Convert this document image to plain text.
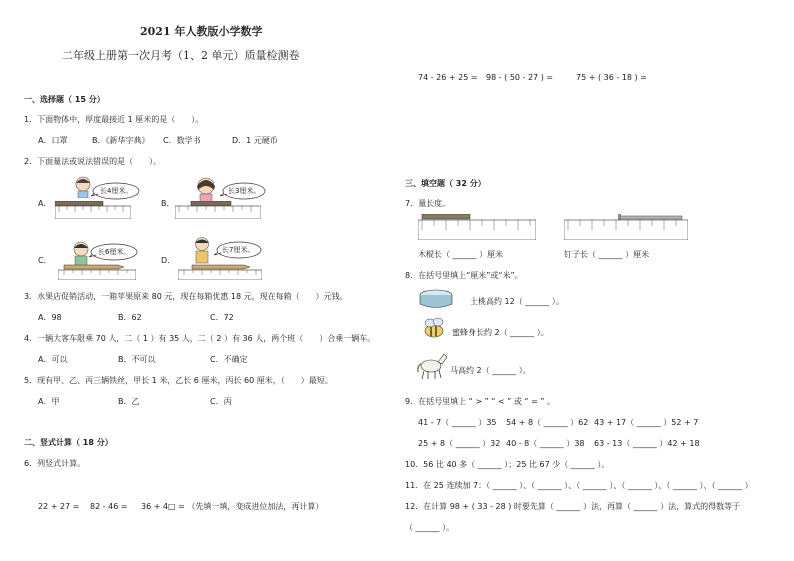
2021 年人教版小学数学
二年级上册第一次月考（1、2 单元）质量检测卷
74 - 26 + 25 = 98 - ( 50 - 27 ) =	75 + ( 36 - 18 ) =
一、选择题（ 15 分）
1．下面物体中，厚度最接近 1 厘米的是（　　）。
A．口罩	B．《新华字典》 C．数学书	D．1 元硬币
2．下面量法或说法错误的是（　　）。
A．
长4厘米。
B．
长3厘米。
C．
长6厘米。
D．
长7厘米。
3．水果店促销活动，一箱苹果原来 80 元，现在每箱优惠 18 元，现在每箱（　　）元钱。
A．98	B．62	C．72
4．一辆大客车限乘 70 人，二（ 1 ）有 35 人，二（ 2 ）有 36 人，两个班（　　）合乘一辆车。
A．可以	B．不可以	C．不确定
5．现有甲、乙、丙三辆铁丝，甲长 1 米，乙长 6 厘米，丙长 60 厘米，（　　）最短。
A．甲	B．乙	C．丙
二、竖式计算（ 18 分）
6．列竖式计算。
22 + 27 = 82 - 46 = 36 + 4□ = （先填一填，变成进位加法，再计算）
三、填空题（ 32 分）
7．量长度。
木棍长（ ______ ）厘米	钉子长（ ______ ）厘米
8．在括号里填上“厘米”或“米”。
土桃高约 12（ ______ ）。
蜜蜂身长约 2（ ______ ）。
马高约 2（ ______ ）。
9．在括号里填上 “ > ” “ < ” 或 “ = ” 。
41 - 7（ ______ ）35 54 + 8（ ______ ）62 43 + 17（ ______ ）52 + 7
25 + 8（ ______ ）32 40 - 8（ ______ ）38 63 - 13（ ______ ）42 + 18
10．56 比 40 多（ ______ ）；25 比 67 少（ ______ ）。
11．在 25 连续加 7：（ ______ ）、（ ______ ）、（ ______ ）、（ ______ ）、（ ______ ）、（ ______ ）
12．在计算 98 + ( 33 - 28 ) 时要先算（ ______ ）法，再算（ ______ ）法，算式的得数等于
（ ______ ）。
